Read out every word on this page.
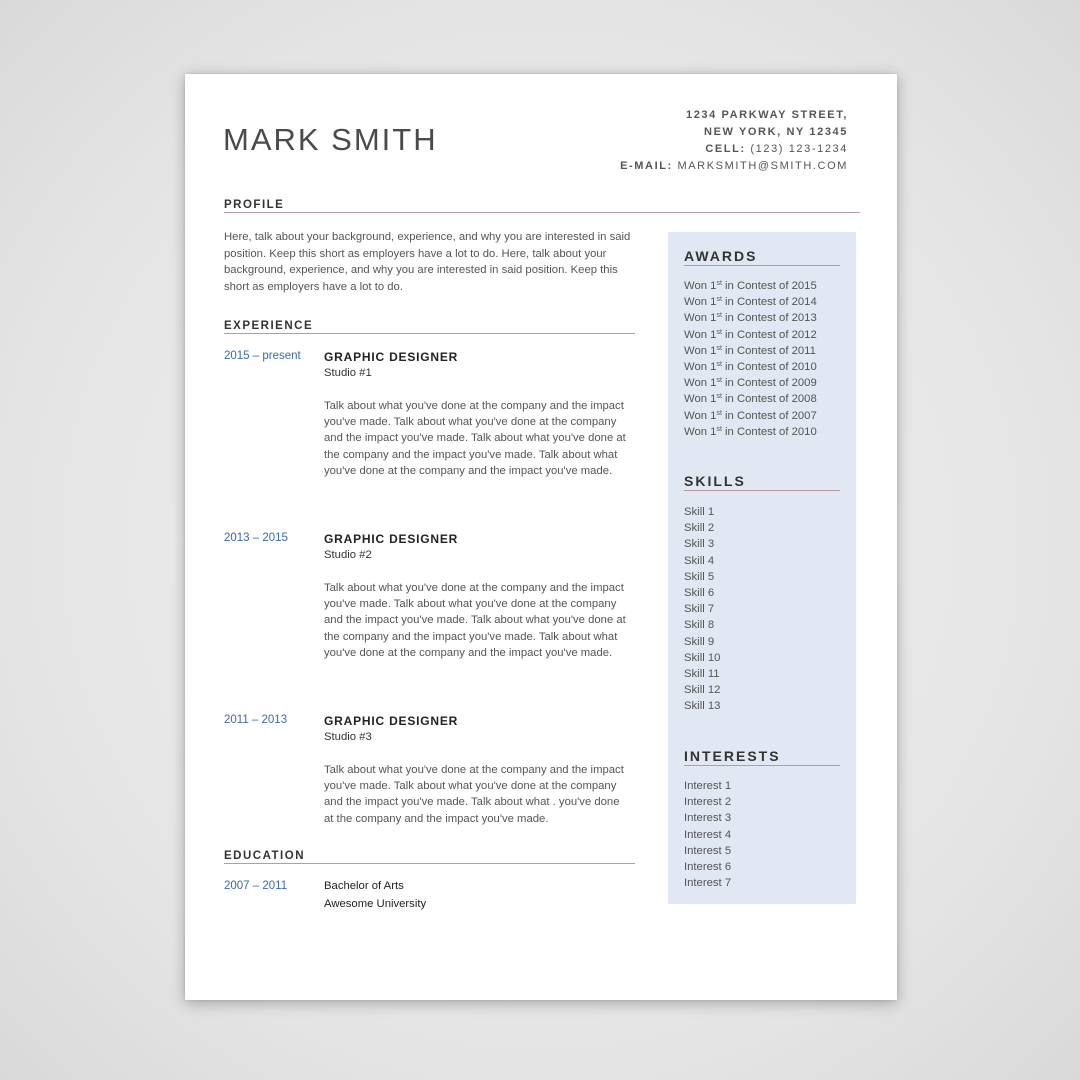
MARK SMITH
1234 PARKWAY STREET,
NEW YORK, NY 12345
CELL: (123) 123-1234
E-MAIL: MARKSMITH@SMITH.COM
PROFILE
Here, talk about your background, experience, and why you are interested in said position. Keep this short as employers have a lot to do. Here, talk about your background, experience, and why you are interested in said position. Keep this short as employers have a lot to do.
EXPERIENCE
2015 – present GRAPHIC DESIGNER
Studio #1
Talk about what you've done at the company and the impact you've made. Talk about what you've done at the company and the impact you've made. Talk about what you've done at the company and the impact you've made. Talk about what you've done at the company and the impact you've made.
2013 – 2015	GRAPHIC DESIGNER
Studio #2
Talk about what you've done at the company and the impact you've made. Talk about what you've done at the company and the impact you've made. Talk about what you've done at the company and the impact you've made. Talk about what you've done at the company and the impact you've made.
2011 – 2013	GRAPHIC DESIGNER
Studio #3
Talk about what you've done at the company and the impact you've made. Talk about what you've done at the company and the impact you've made. Talk about what . you've done at the company and the impact you've made.
EDUCATION
2007 – 2011	Bachelor of Arts
Awesome University
AWARDS
Won 1st in Contest of 2015
Won 1st in Contest of 2014
Won 1st in Contest of 2013
Won 1st in Contest of 2012
Won 1st in Contest of 2011
Won 1st in Contest of 2010
Won 1st in Contest of 2009
Won 1st in Contest of 2008
Won 1st in Contest of 2007
Won 1st in Contest of 2010
SKILLS
Skill 1
Skill 2
Skill 3
Skill 4
Skill 5
Skill 6
Skill 7
Skill 8
Skill 9
Skill 10
Skill 11
Skill 12
Skill 13
INTERESTS
Interest 1
Interest 2
Interest 3
Interest 4
Interest 5
Interest 6
Interest 7
